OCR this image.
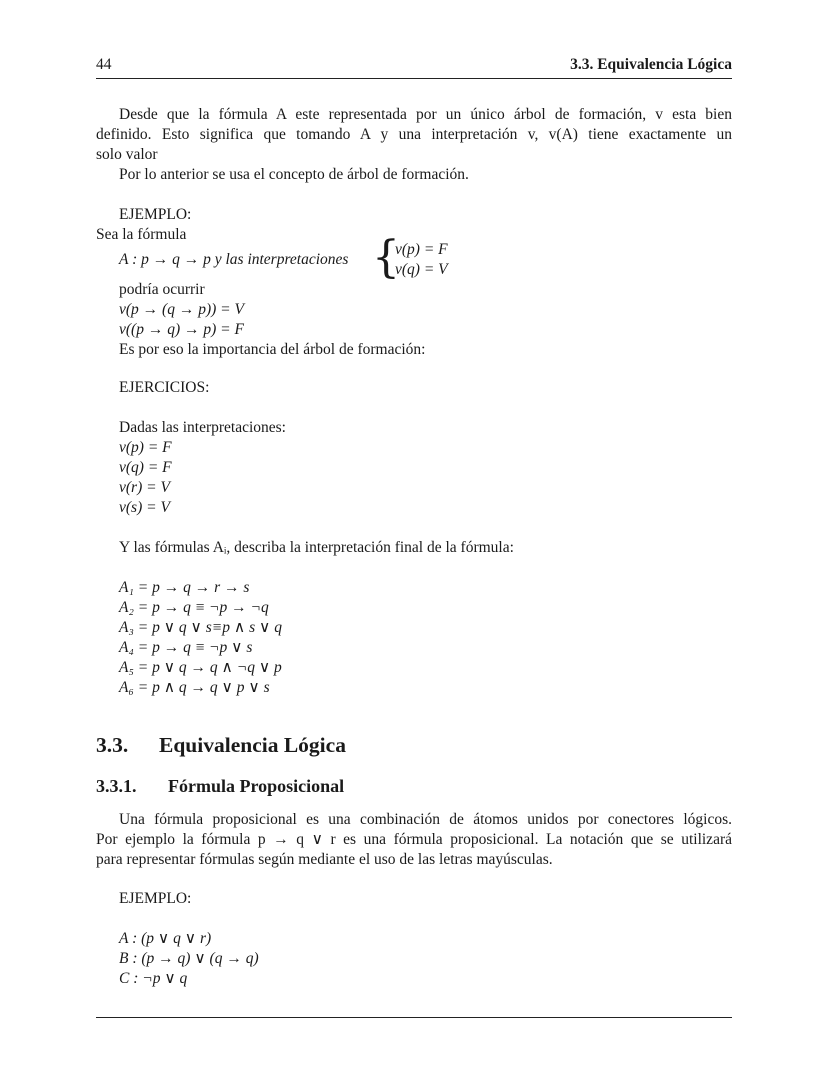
44	3.3. Equivalencia Lógica
Desde que la fórmula A este representada por un único árbol de formación, v esta bien
definido. Esto significa que tomando A y una interpretación v, v(A) tiene exactamente un
solo valor
Por lo anterior se usa el concepto de árbol de formación.
EJEMPLO:
Sea la fórmula
A : p → q → p y las interpretaciones {
v(p) = F
v(q) = V
podría ocurrir
v(p → (q → p)) = V
v((p → q) → p) = F
Es por eso la importancia del árbol de formación:
EJERCICIOS:
Dadas las interpretaciones:
v(p) = F
v(q) = F
v(r) = V
v(s) = V
Y las fórmulas Aᵢ, describa la interpretación final de la fórmula:
A₁ = p → q → r → s
A₂ = p → q ≡ ¬p → ¬q
A₃ = p ∨ q ∨ s≡p ∧ s ∨ q
A₄ = p → q ≡ ¬p ∨ s
A₅ = p ∨ q → q ∧ ¬q ∨ p
A₆ = p ∧ q → q ∨ p ∨ s
3.3. Equivalencia Lógica
3.3.1. Fórmula Proposicional
Una fórmula proposicional es una combinación de átomos unidos por conectores lógicos.
Por ejemplo la fórmula p → q ∨ r es una fórmula proposicional. La notación que se utilizará
para representar fórmulas según mediante el uso de las letras mayúsculas.
EJEMPLO:
A : (p ∨ q ∨ r)
B : (p → q) ∨ (q → q)
C : ¬p ∨ q
